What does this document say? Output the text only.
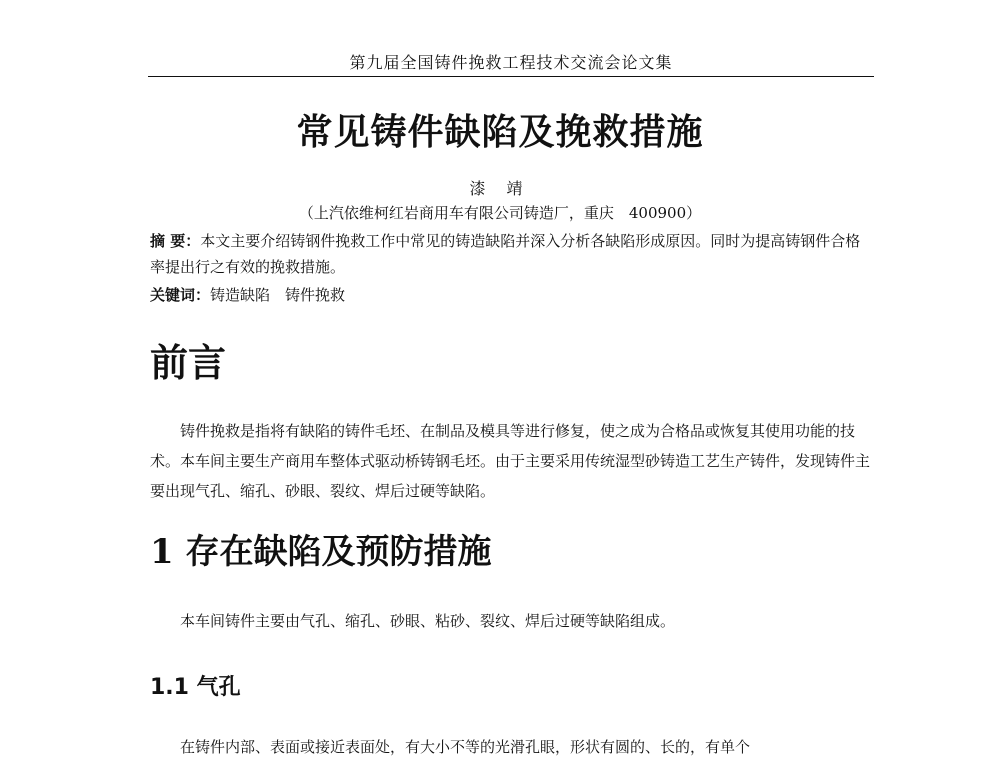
第九届全国铸件挽救工程技术交流会论文集
常见铸件缺陷及挽救措施
漆 靖
（上汽依维柯红岩商用车有限公司铸造厂，重庆　400900）
摘 要：本文主要介绍铸钢件挽救工作中常见的铸造缺陷并深入分析各缺陷形成原因。同时为提高铸钢件合格率提出行之有效的挽救措施。
关键词：铸造缺陷　铸件挽救
前言
铸件挽救是指将有缺陷的铸件毛坯、在制品及模具等进行修复，使之成为合格品或恢复其使用功能的技术。本车间主要生产商用车整体式驱动桥铸钢毛坯。由于主要采用传统湿型砂铸造工艺生产铸件，发现铸件主要出现气孔、缩孔、砂眼、裂纹、焊后过硬等缺陷。
1 存在缺陷及预防措施
本车间铸件主要由气孔、缩孔、砂眼、粘砂、裂纹、焊后过硬等缺陷组成。
1.1 气孔
在铸件内部、表面或接近表面处，有大小不等的光滑孔眼，形状有圆的、长的，有单个
